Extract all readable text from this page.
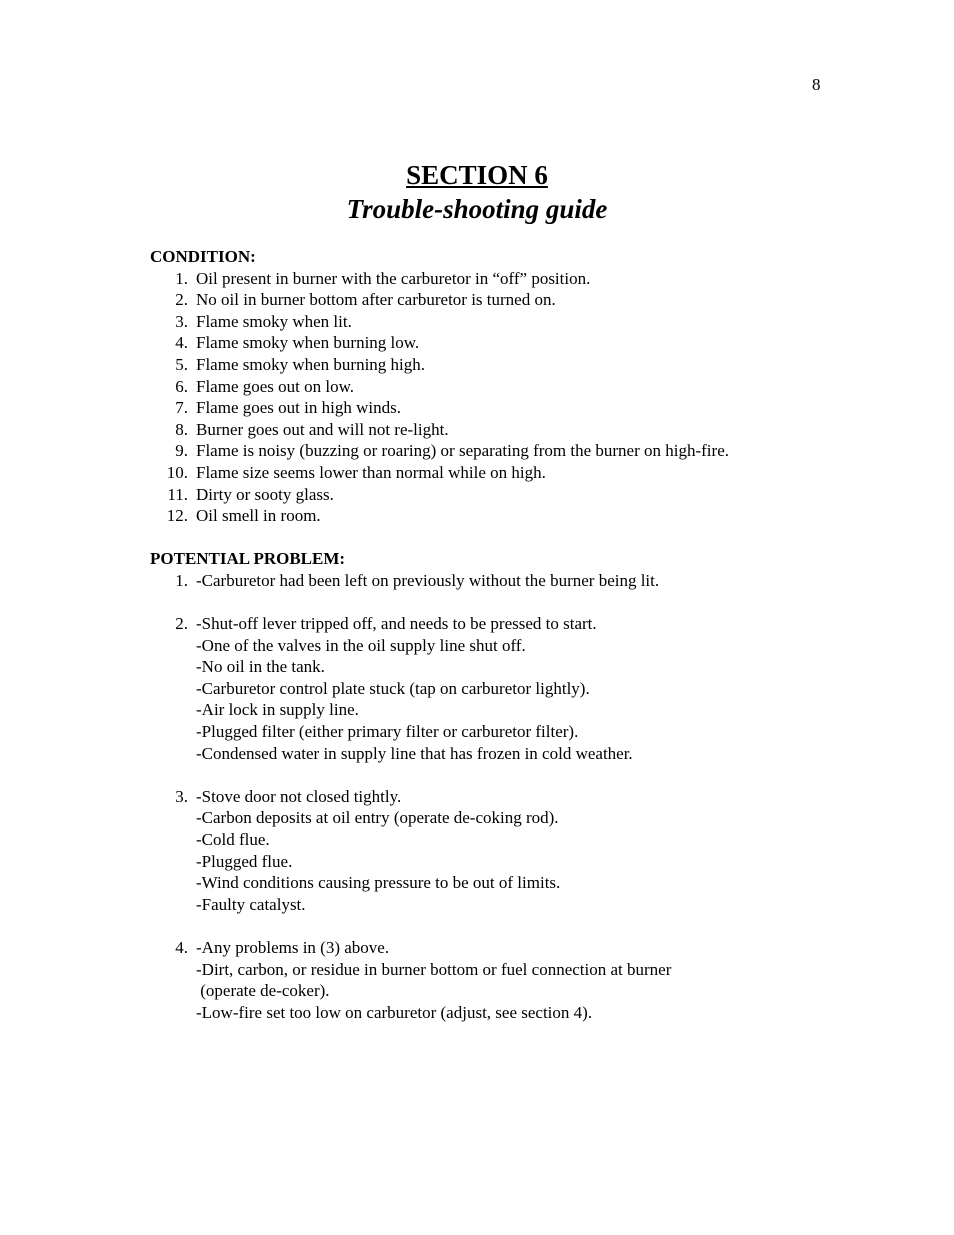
8
SECTION 6
Trouble-shooting guide
CONDITION:
1. Oil present in burner with the carburetor in “off” position.
2. No oil in burner bottom after carburetor is turned on.
3. Flame smoky when lit.
4. Flame smoky when burning low.
5. Flame smoky when burning high.
6. Flame goes out on low.
7. Flame goes out in high winds.
8. Burner goes out and will not re-light.
9. Flame is noisy (buzzing or roaring) or separating from the burner on high-fire.
10. Flame size seems lower than normal while on high.
11. Dirty or sooty glass.
12. Oil smell in room.
POTENTIAL PROBLEM:
1. -Carburetor had been left on previously without the burner being lit.
2. -Shut-off lever tripped off, and needs to be pressed to start.
-One of the valves in the oil supply line shut off.
-No oil in the tank.
-Carburetor control plate stuck (tap on carburetor lightly).
-Air lock in supply line.
-Plugged filter (either primary filter or carburetor filter).
-Condensed water in supply line that has frozen in cold weather.
3. -Stove door not closed tightly.
-Carbon deposits at oil entry (operate de-coking rod).
-Cold flue.
-Plugged flue.
-Wind conditions causing pressure to be out of limits.
-Faulty catalyst.
4. -Any problems in (3) above.
-Dirt, carbon, or residue in burner bottom or fuel connection at burner
(operate de-coker).
-Low-fire set too low on carburetor (adjust, see section 4).
